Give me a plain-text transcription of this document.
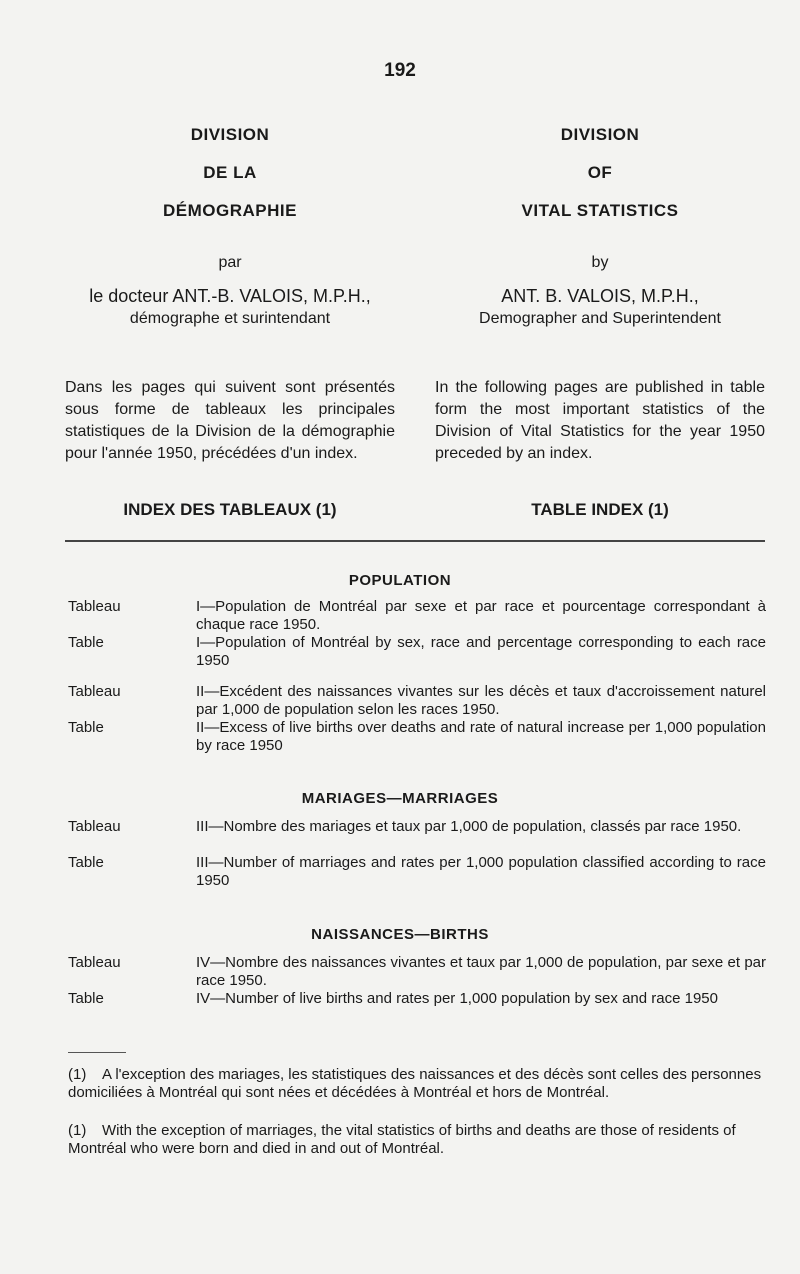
192
DIVISION
DE LA
DÉMOGRAPHIE
par
le docteur ANT.-B. VALOIS, M.P.H.,
démographe et surintendant
Dans les pages qui suivent sont présentés sous forme de tableaux les principales statistiques de la Division de la démographie pour l'année 1950, précédées d'un index.
INDEX DES TABLEAUX (1)
DIVISION
OF
VITAL STATISTICS
by
ANT. B. VALOIS, M.P.H.,
Demographer and Superintendent
In the following pages are published in table form the most important statistics of the Division of Vital Statistics for the year 1950 preceded by an index.
TABLE INDEX (1)
POPULATION
Tableau	I—Population de Montréal par sexe et par race et pourcentage correspondant à chaque race 1950.
Table	I—Population of Montréal by sex, race and percentage corresponding to each race 1950
Tableau	II—Excédent des naissances vivantes sur les décès et taux d'accroissement naturel par 1,000 de population selon les races 1950.
Table	II—Excess of live births over deaths and rate of natural increase per 1,000 population by race 1950
MARIAGES—MARRIAGES
Tableau	III—Nombre des mariages et taux par 1,000 de population, classés par race 1950.
Table	III—Number of marriages and rates per 1,000 population classified according to race 1950
NAISSANCES—BIRTHS
Tableau	IV—Nombre des naissances vivantes et taux par 1,000 de population, par sexe et par race 1950.
Table	IV—Number of live births and rates per 1,000 population by sex and race 1950
(1) A l'exception des mariages, les statistiques des naissances et des décès sont celles des personnes domiciliées à Montréal qui sont nées et décédées à Montréal et hors de Montréal.
(1) With the exception of marriages, the vital statistics of births and deaths are those of residents of Montréal who were born and died in and out of Montréal.
